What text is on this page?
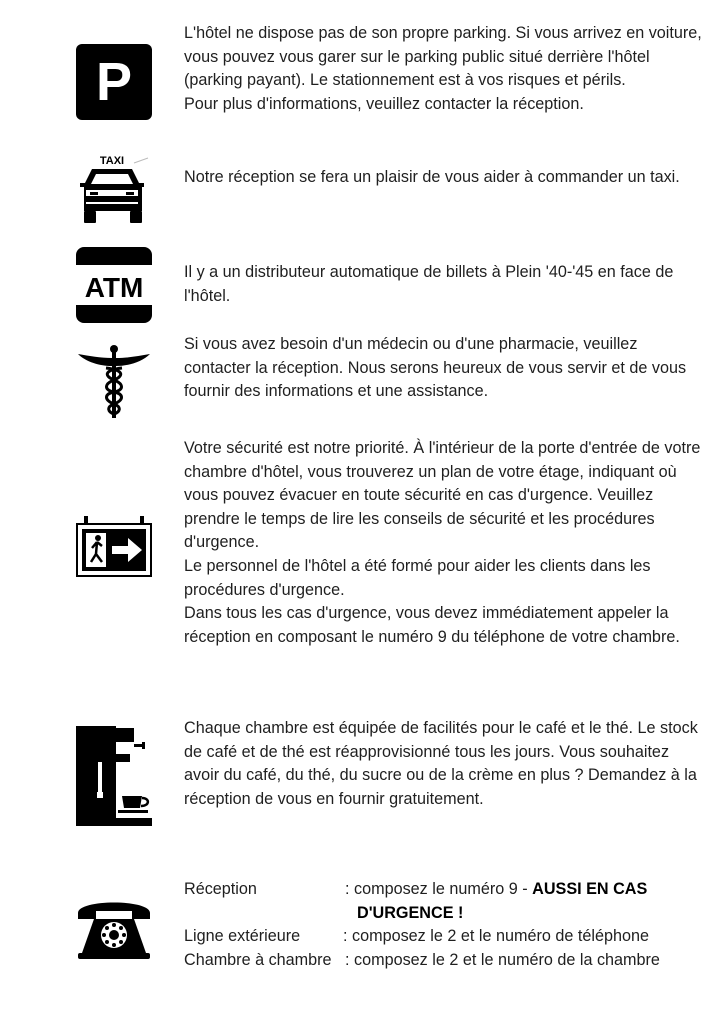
P

L'hôtel ne dispose pas de son propre parking. Si vous arrivez en voiture, vous pouvez vous garer sur le parking public situé derrière l'hôtel (parking payant). Le stationnement est à vos risques et périls.

Pour plus d'informations, veuillez contacter la réception.

TAXI

Notre réception se fera un plaisir de vous aider à commander un taxi.

ATM	Il y a un distributeur automatique de billets à Plein '40-'45 en face de l'hôtel.

Si vous avez besoin d'un médecin ou d'une pharmacie, veuillez contacter la réception. Nous serons heureux de vous servir et de vous fournir des informations et une assistance.

Votre sécurité est notre priorité. À l'intérieur de la porte d'entrée de votre chambre d'hôtel, vous trouverez un plan de votre étage, indiquant où vous pouvez évacuer en toute sécurité en cas d'urgence. Veuillez prendre le temps de lire les conseils de sécurité et les procédures d'urgence.

Le personnel de l'hôtel a été formé pour aider les clients dans les procédures d'urgence.

Dans tous les cas d'urgence, vous devez immédiatement appeler la réception en composant le numéro 9 du téléphone de votre chambre.

Chaque chambre est équipée de facilités pour le café et le thé. Le stock de café et de thé est réapprovisionné tous les jours. Vous souhaitez avoir du café, du thé, du sucre ou de la crème en plus ? Demandez à la réception de vous en fournir gratuitement.

Réception	: composez le numéro 9 - AUSSI EN CAS
D'URGENCE !
Ligne extérieure	: composez le 2 et le numéro de téléphone
Chambre à chambre : composez le 2 et le numéro de la chambre
